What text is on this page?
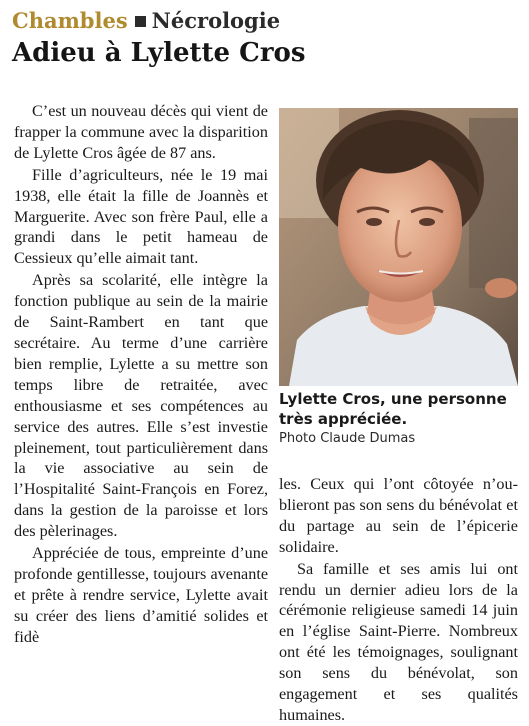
Chambles Nécrologie
Adieu à Lylette Cros

C’est un nouveau décès qui vient de frapper la commune avec la disparition de Lylette Cros âgée de 87 ans.

Fille d’agriculteurs, née le 19 mai 1938, elle était la fille de Joannès et Marguerite. Avec son frère Paul, elle a grandi dans le petit hameau de Cessieux qu’elle aimait tant.

Après sa scolarité, elle intègre la fonction publique au sein de la mairie de Saint-Rambert en tant que secrétaire. Au terme d’une carrière bien remplie, Lylette a su mettre son temps libre de retraitée, avec enthousiasme et ses compétences au service des autres. Elle s’est investie pleinement, tout particulièrement dans la vie associative au sein de l’Hospitalité Saint-François en Forez, dans la gestion de la paroisse et lors des pèlerinages.

Appréciée de tous, empreinte d’une profonde gentillesse, toujours avenante et prête à rendre service, Lylette avait su créer des liens d’amitié solides et fidè

Lylette Cros, une personne très appréciée.
Photo Claude Dumas

les. Ceux qui l’ont côtoyée n’oublieront pas son sens du bénévolat et du partage au sein de l’épicerie solidaire.

Sa famille et ses amis lui ont rendu un dernier adieu lors de la cérémonie religieuse samedi 14 juin en l’église Saint-Pierre. Nombreux ont été les témoignages, soulignant son sens du bénévolat, son engagement et ses qualités humaines.
